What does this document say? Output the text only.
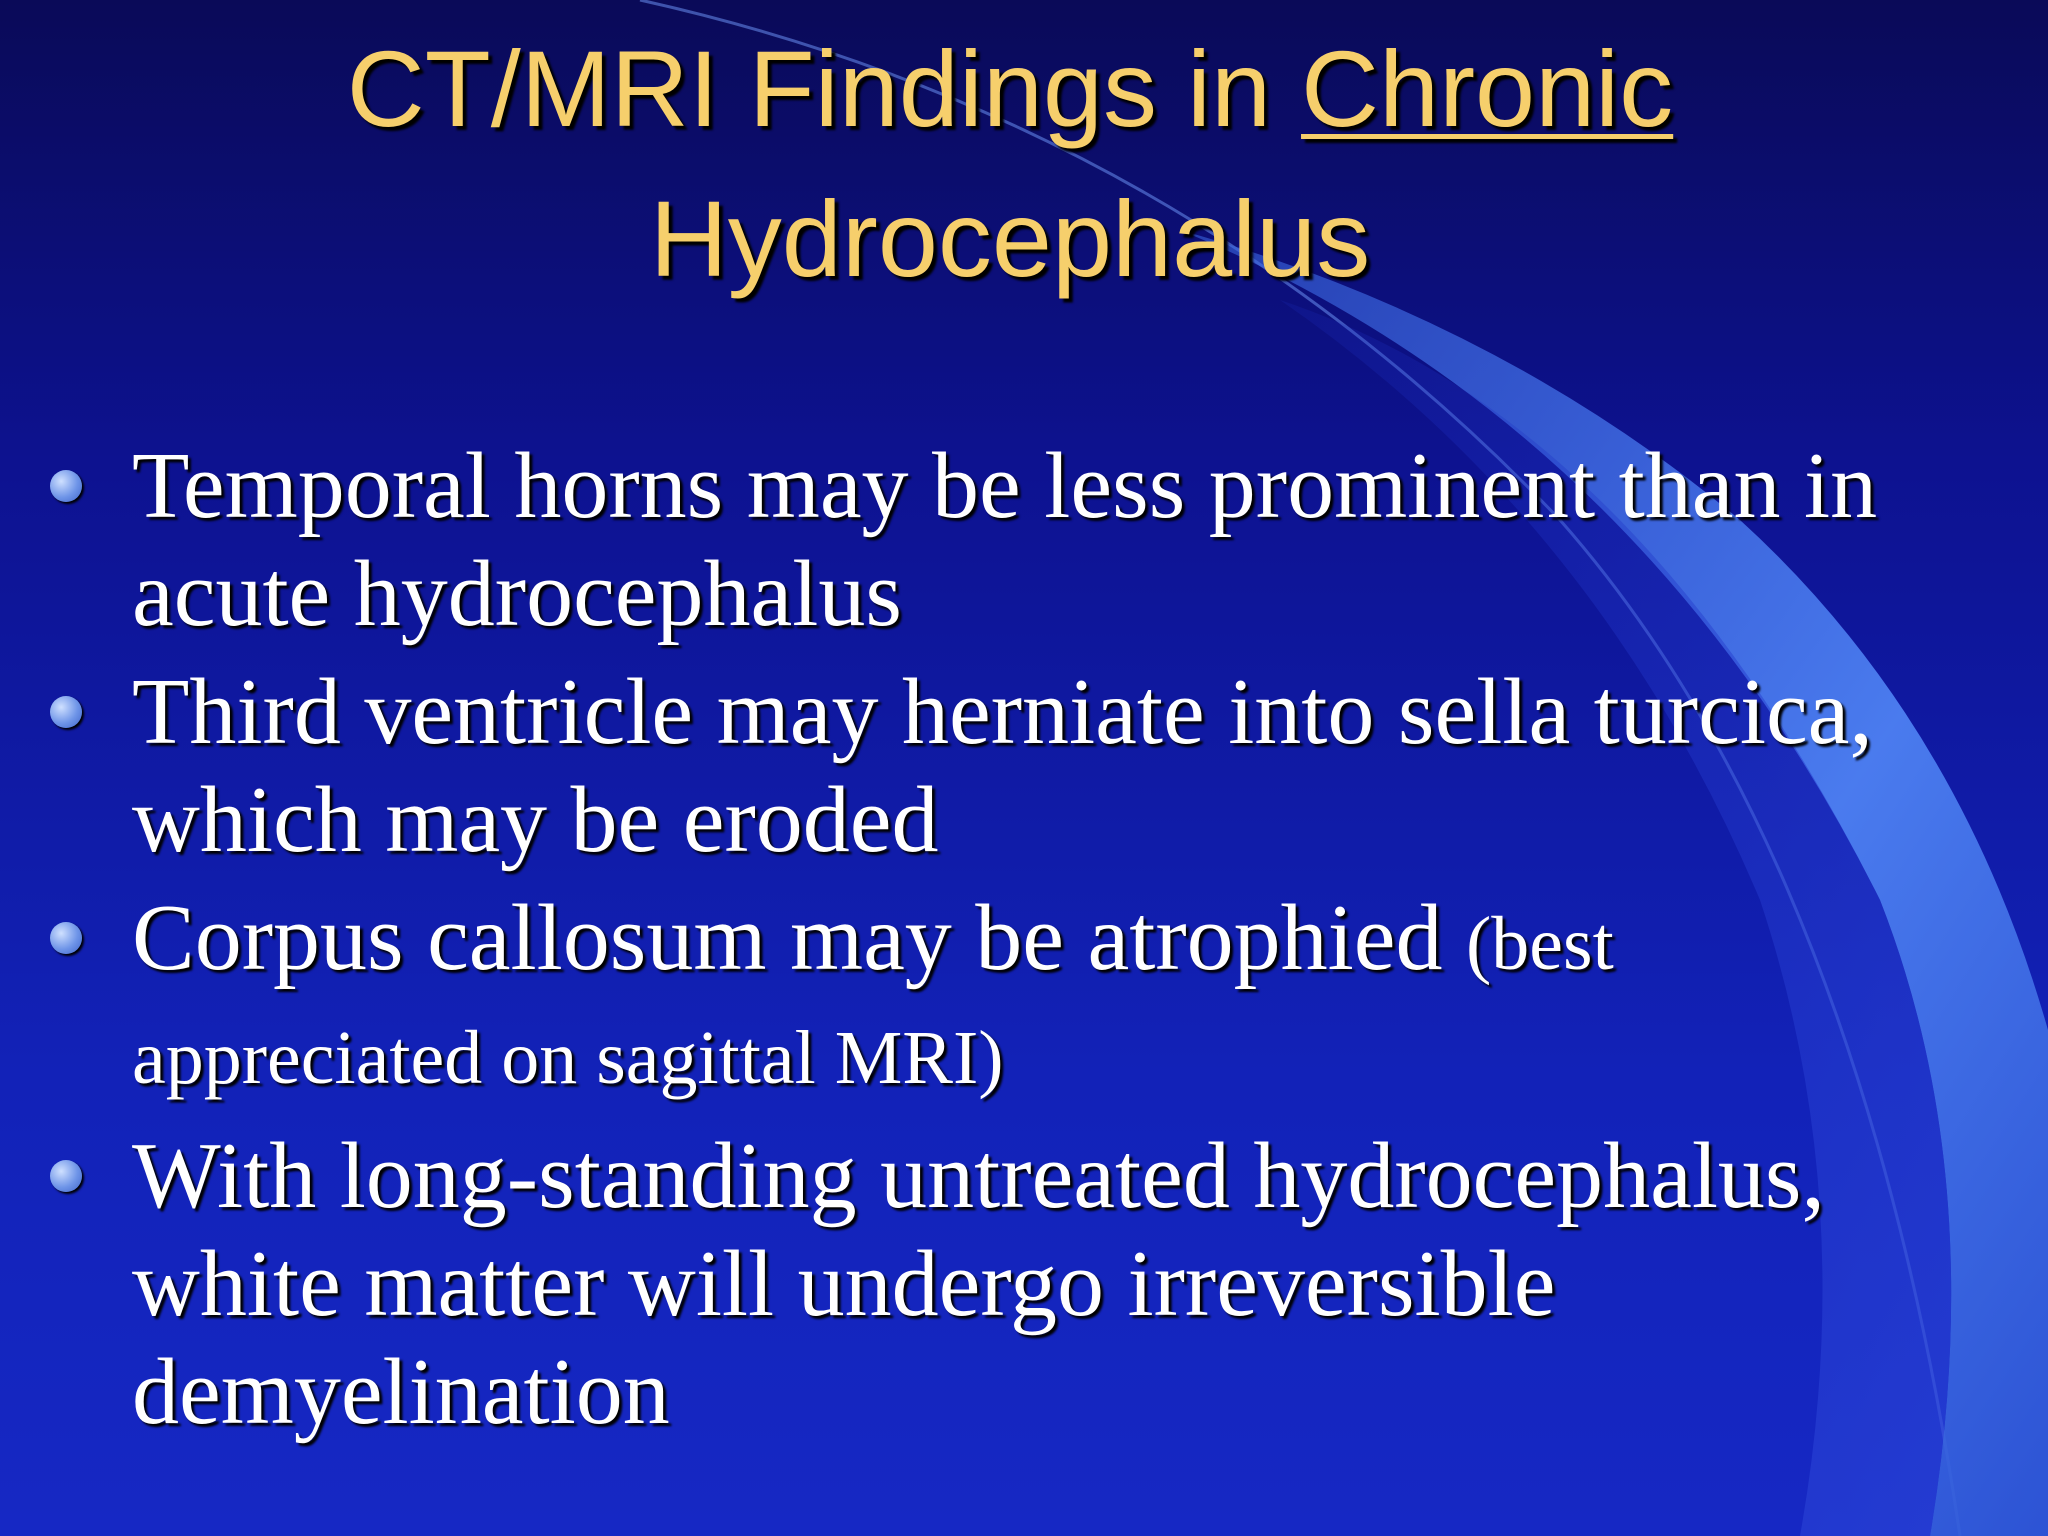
CT/MRI Findings in Chronic
Hydrocephalus
Temporal horns may be less prominent than in acute hydrocephalus
Third ventricle may herniate into sella turcica, which may be eroded
Corpus callosum may be atrophied (best appreciated on sagittal MRI)
With long-standing untreated hydrocephalus, white matter will undergo irreversible demyelination
